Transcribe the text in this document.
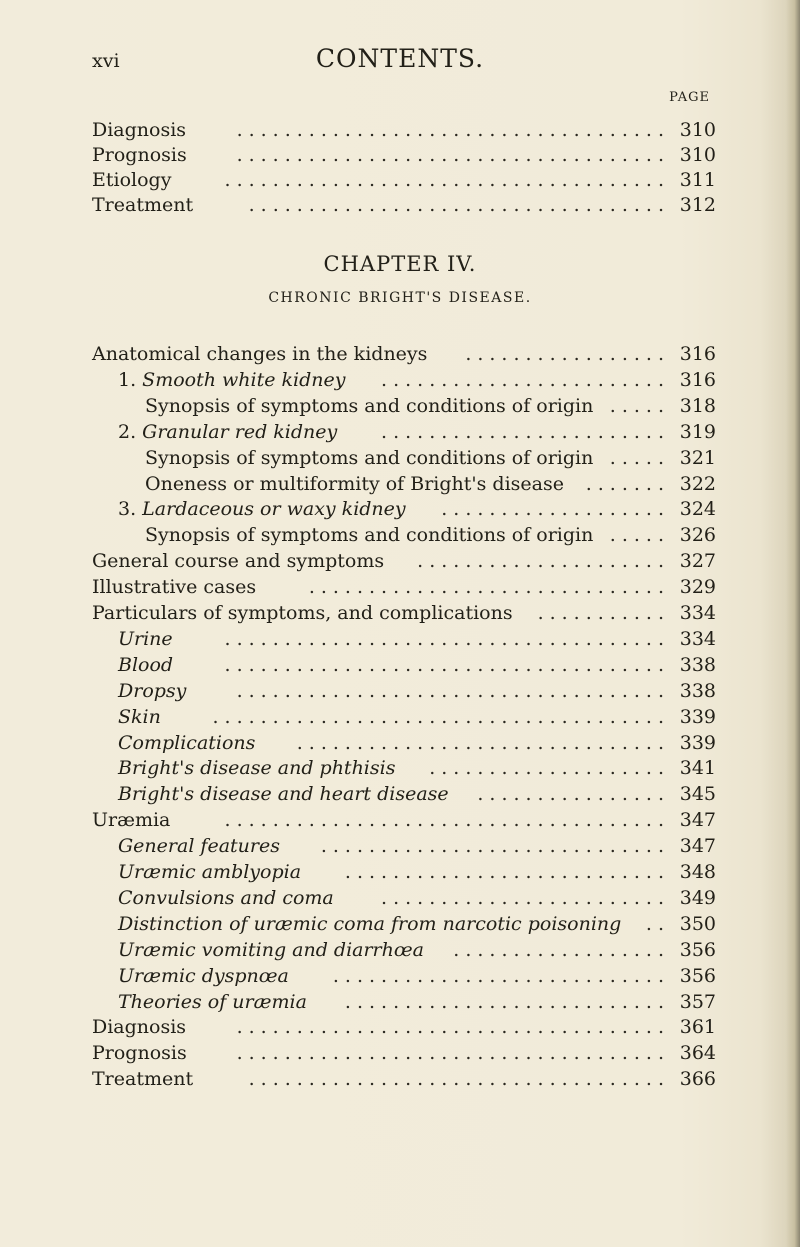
xvi	CONTENTS.
PAGE
Diagnosis	.................................... 310
Prognosis	.................................... 310
Etiology	..................................... 311
Treatment	................................... 312
CHAPTER IV.
CHRONIC BRIGHT'S DISEASE.
Anatomical changes in the kidneys	................. 316
1. Smooth white kidney	........................ 316
Synopsis of symptoms and conditions of origin ..... 318
2. Granular red kidney	........................ 319
Synopsis of symptoms and conditions of origin ..... 321
Oneness or multiformity of Bright's disease	....... 322
3. Lardaceous or waxy kidney	................... 324
Synopsis of symptoms and conditions of origin ..... 326
General course and symptoms	..................... 327
Illustrative cases	.............................. 329
Particulars of symptoms, and complications	........... 334
Urine	..................................... 334
Blood	..................................... 338
Dropsy	.................................... 338
Skin	...................................... 339
Complications	............................... 339
Bright's disease and phthisis	.................... 341
Bright's disease and heart disease	................ 345
Uræmia	..................................... 347
General features	............................. 347
Uræmic amblyopia	........................... 348
Convulsions and coma	........................ 349
Distinction of uræmic coma from narcotic poisoning	.. 350
Uræmic vomiting and diarrhœa	.................. 356
Uræmic dyspnœa	............................ 356
Theories of uræmia	........................... 357
Diagnosis	.................................... 361
Prognosis	.................................... 364
Treatment	................................... 366
